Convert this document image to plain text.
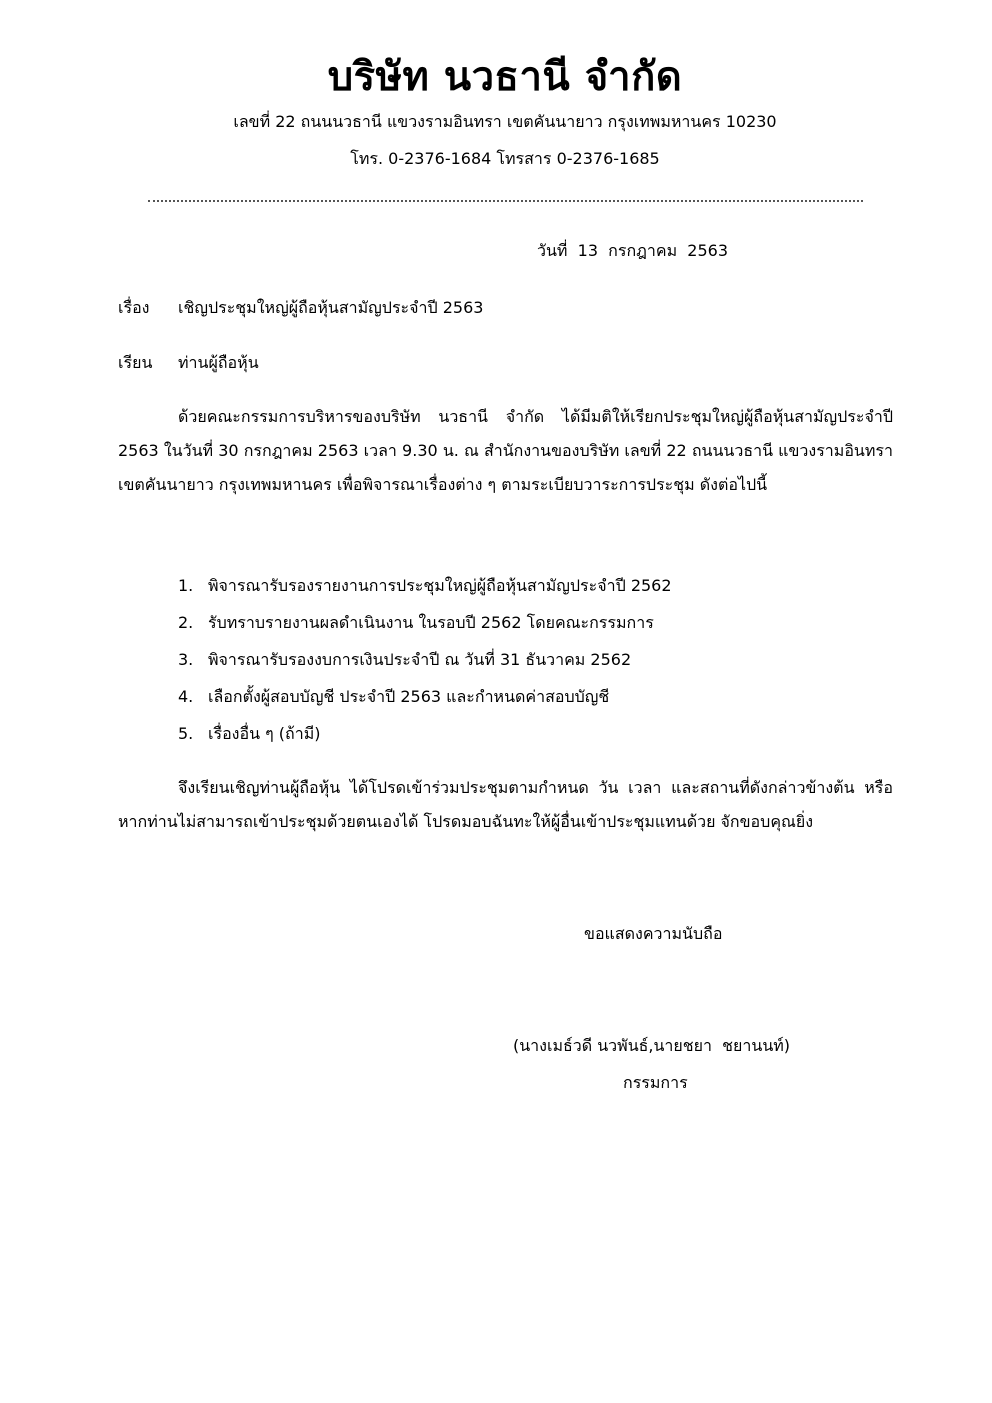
บริษัท นวธานี จำกัด
เลขที่ 22 ถนนนวธานี แขวงรามอินทรา เขตคันนายาว กรุงเทพมหานคร 10230
โทร. 0-2376-1684 โทรสาร 0-2376-1685
วันที่  13  กรกฎาคม  2563
เรื่อง เชิญประชุมใหญ่ผู้ถือหุ้นสามัญประจำปี 2563
เรียน ท่านผู้ถือหุ้น

ด้วยคณะกรรมการบริหารของบริษัท นวธานี จำกัด ได้มีมติให้เรียกประชุมใหญ่ผู้ถือหุ้นสามัญประจำปี 2563 ในวันที่ 30 กรกฎาคม 2563 เวลา 9.30 น. ณ สำนักงานของบริษัท เลขที่ 22 ถนนนวธานี แขวงรามอินทรา เขตคันนายาว กรุงเทพมหานคร เพื่อพิจารณาเรื่องต่าง ๆ ตามระเบียบวาระการประชุม ดังต่อไปนี้

1. พิจารณารับรองรายงานการประชุมใหญ่ผู้ถือหุ้นสามัญประจำปี 2562
2. รับทราบรายงานผลดำเนินงาน ในรอบปี 2562 โดยคณะกรรมการ
3. พิจารณารับรองงบการเงินประจำปี ณ วันที่ 31 ธันวาคม 2562
4. เลือกตั้งผู้สอบบัญชี ประจำปี 2563 และกำหนดค่าสอบบัญชี
5. เรื่องอื่น ๆ (ถ้ามี)

จึงเรียนเชิญท่านผู้ถือหุ้น ได้โปรดเข้าร่วมประชุมตามกำหนด วัน เวลา และสถานที่ดังกล่าวข้างต้น หรือ หากท่านไม่สามารถเข้าประชุมด้วยตนเองได้ โปรดมอบฉันทะให้ผู้อื่นเข้าประชุมแทนด้วย จักขอบคุณยิ่ง

ขอแสดงความนับถือ
(นางเมธ์วดี นวพันธ์,นายชยา  ชยานนท์)
กรรมการ
